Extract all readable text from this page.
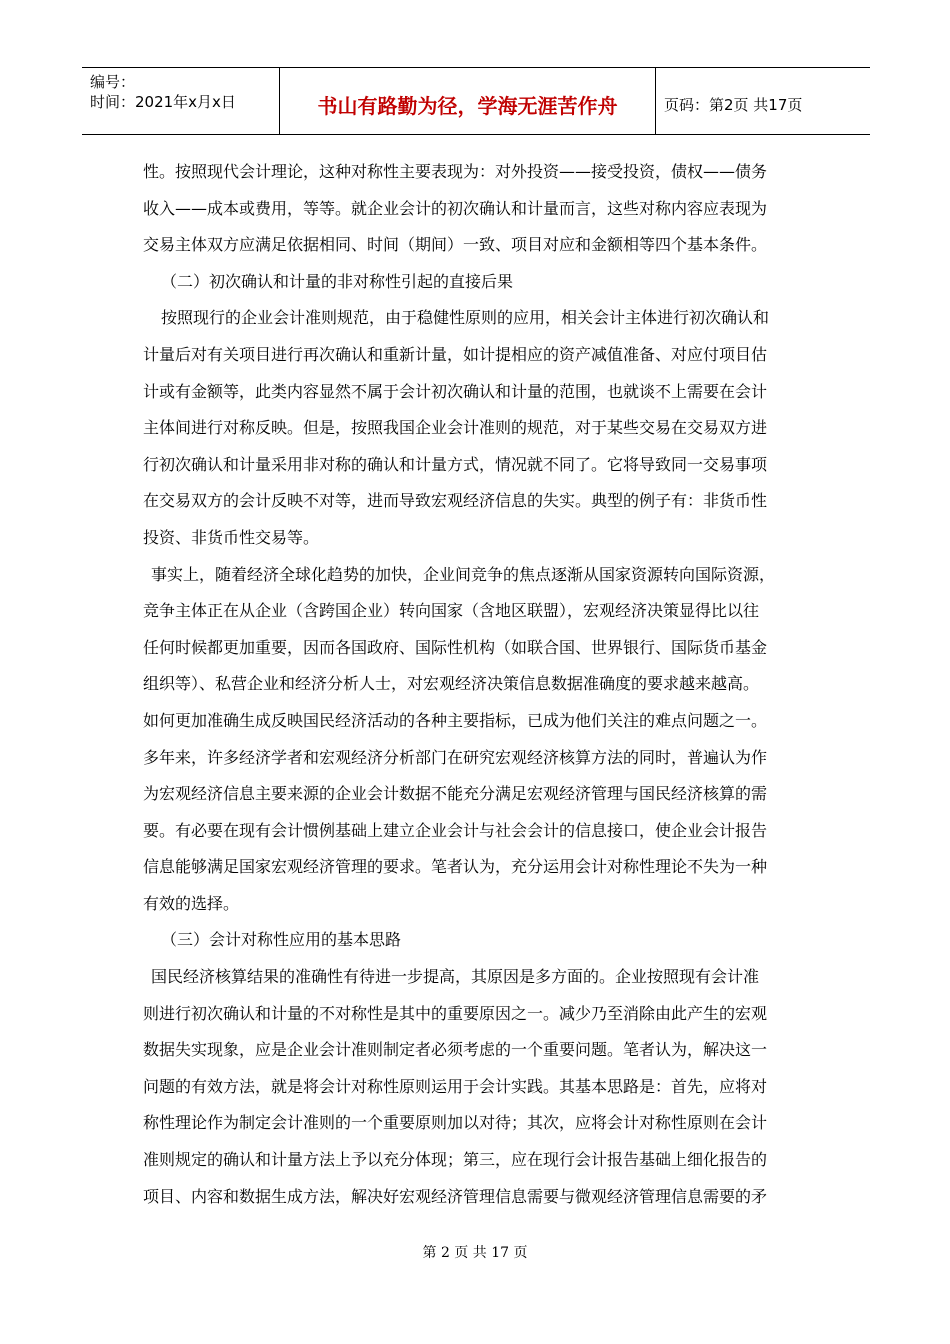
编号：
时间：2021年x月x日	书山有路勤为径，学海无涯苦作舟	页码：第2页 共17页
性。按照现代会计理论，这种对称性主要表现为：对外投资——接受投资，债权——债务
收入——成本或费用，等等。就企业会计的初次确认和计量而言，这些对称内容应表现为
交易主体双方应满足依据相同、时间（期间）一致、项目对应和金额相等四个基本条件。
（二）初次确认和计量的非对称性引起的直接后果
按照现行的企业会计准则规范，由于稳健性原则的应用，相关会计主体进行初次确认和
计量后对有关项目进行再次确认和重新计量，如计提相应的资产减值准备、对应付项目估
计或有金额等，此类内容显然不属于会计初次确认和计量的范围，也就谈不上需要在会计
主体间进行对称反映。但是，按照我国企业会计准则的规范，对于某些交易在交易双方进
行初次确认和计量采用非对称的确认和计量方式，情况就不同了。它将导致同一交易事项
在交易双方的会计反映不对等，进而导致宏观经济信息的失实。典型的例子有：非货币性
投资、非货币性交易等。
事实上，随着经济全球化趋势的加快，企业间竞争的焦点逐渐从国家资源转向国际资源，
竞争主体正在从企业（含跨国企业）转向国家（含地区联盟），宏观经济决策显得比以往
任何时候都更加重要，因而各国政府、国际性机构（如联合国、世界银行、国际货币基金
组织等）、私营企业和经济分析人士，对宏观经济决策信息数据准确度的要求越来越高。
如何更加准确生成反映国民经济活动的各种主要指标，已成为他们关注的难点问题之一。
多年来，许多经济学者和宏观经济分析部门在研究宏观经济核算方法的同时，普遍认为作
为宏观经济信息主要来源的企业会计数据不能充分满足宏观经济管理与国民经济核算的需
要。有必要在现有会计惯例基础上建立企业会计与社会会计的信息接口，使企业会计报告
信息能够满足国家宏观经济管理的要求。笔者认为，充分运用会计对称性理论不失为一种
有效的选择。
（三）会计对称性应用的基本思路
国民经济核算结果的准确性有待进一步提高，其原因是多方面的。企业按照现有会计准
则进行初次确认和计量的不对称性是其中的重要原因之一。减少乃至消除由此产生的宏观
数据失实现象，应是企业会计准则制定者必须考虑的一个重要问题。笔者认为，解决这一
问题的有效方法，就是将会计对称性原则运用于会计实践。其基本思路是：首先，应将对
称性理论作为制定会计准则的一个重要原则加以对待；其次，应将会计对称性原则在会计
准则规定的确认和计量方法上予以充分体现；第三，应在现行会计报告基础上细化报告的
项目、内容和数据生成方法，解决好宏观经济管理信息需要与微观经济管理信息需要的矛
第 2 页 共 17 页
